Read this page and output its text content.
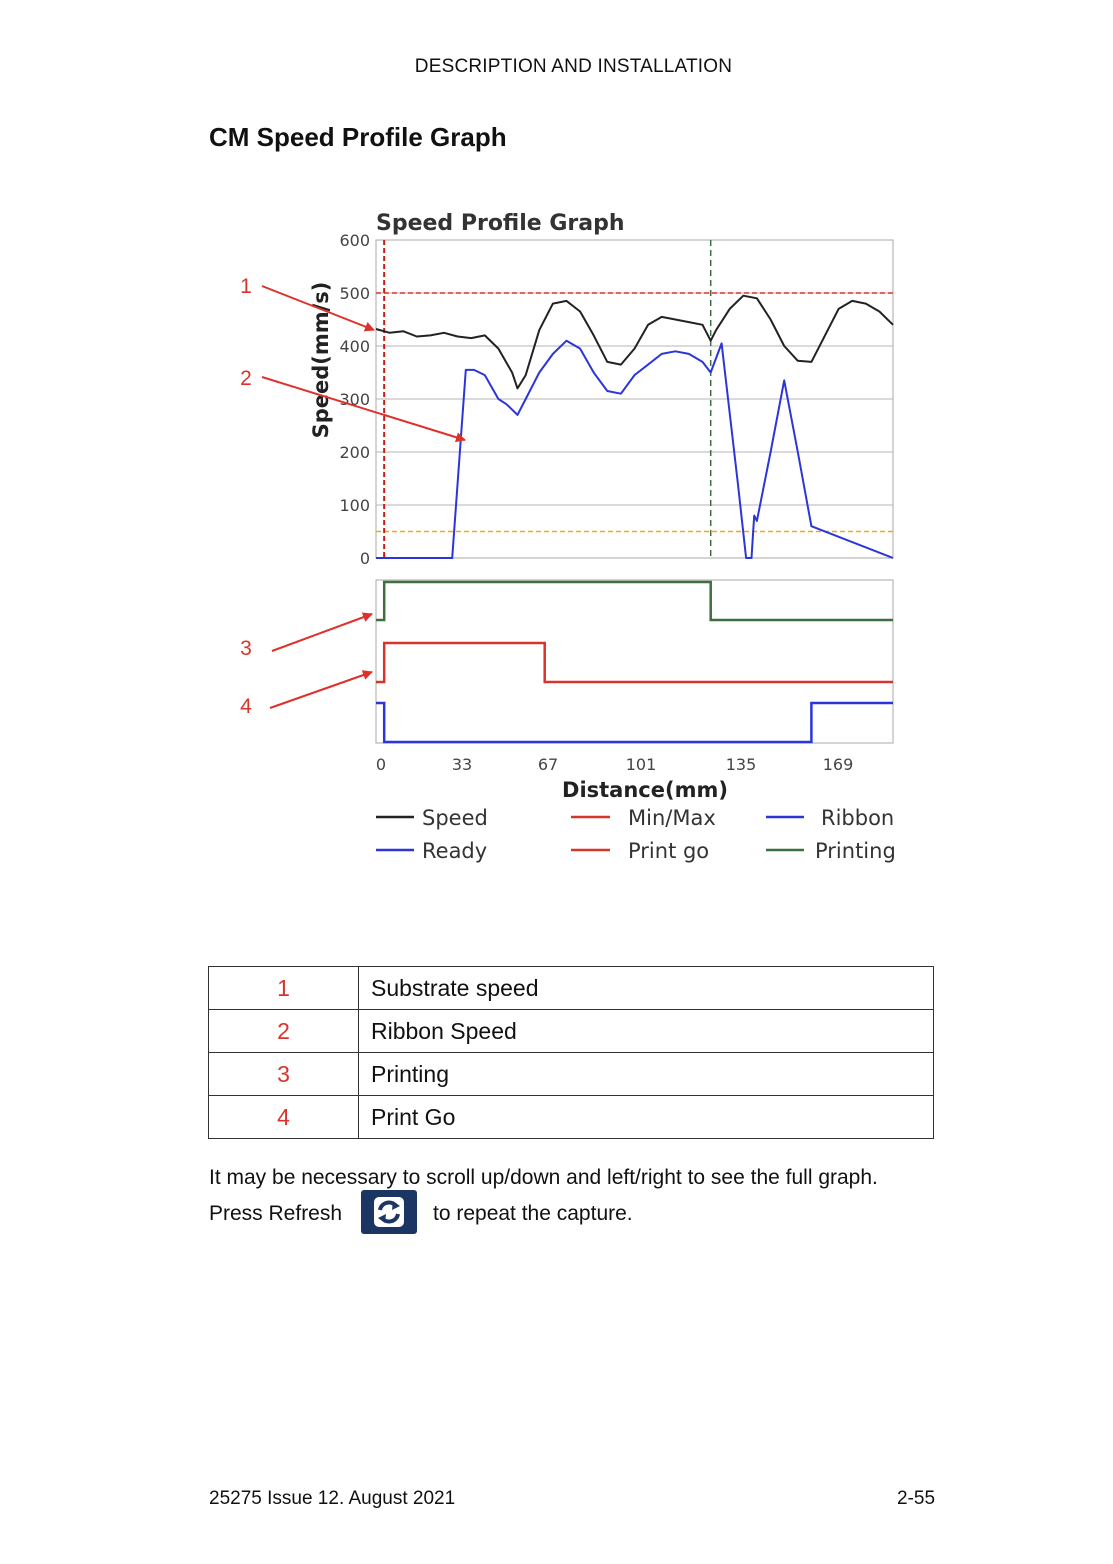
DESCRIPTION AND INSTALLATION
CM Speed Profile Graph
0
100
200
300
400
500
600
0	33	67	101	135	169
Speed Profile Graph
Distance(mm)
Speed(mm/s)
1
2
3
4
Speed	Min/Max	Ribbon
Ready	Print go	Printing
1	Substrate speed
2	Ribbon Speed
3	Printing
4	Print Go
It may be necessary to scroll up/down and left/right to see the full graph.
Press Refresh	to repeat the capture.
25275 Issue 12. August 2021	2-55
